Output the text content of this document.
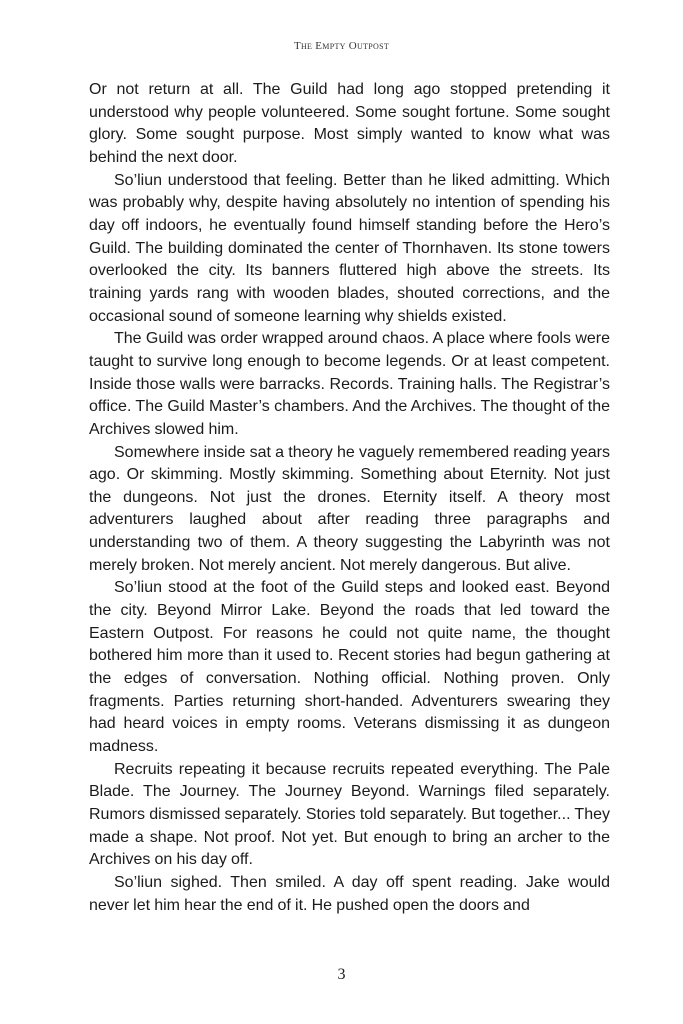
The Empty Outpost

Or not return at all. The Guild had long ago stopped pretending it understood why people volunteered. Some sought fortune. Some sought glory. Some sought purpose. Most simply wanted to know what was behind the next door.

So’liun understood that feeling. Better than he liked admitting. Which was probably why, despite having absolutely no intention of spending his day off indoors, he eventually found himself standing before the Hero’s Guild. The building dominated the center of Thornhaven. Its stone towers overlooked the city. Its banners fluttered high above the streets. Its training yards rang with wooden blades, shouted corrections, and the occasional sound of someone learning why shields existed.

The Guild was order wrapped around chaos. A place where fools were taught to survive long enough to become legends. Or at least competent. Inside those walls were barracks. Records. Training halls. The Registrar’s office. The Guild Master’s chambers. And the Archives. The thought of the Archives slowed him.

Somewhere inside sat a theory he vaguely remembered reading years ago. Or skimming. Mostly skimming. Something about Eternity. Not just the dungeons. Not just the drones. Eternity itself. A theory most adventurers laughed about after reading three paragraphs and understanding two of them. A theory suggesting the Labyrinth was not merely broken. Not merely ancient. Not merely dangerous. But alive.

So’liun stood at the foot of the Guild steps and looked east. Beyond the city. Beyond Mirror Lake. Beyond the roads that led toward the Eastern Outpost. For reasons he could not quite name, the thought bothered him more than it used to. Recent stories had begun gathering at the edges of conversation. Nothing official. Nothing proven. Only fragments. Parties returning short-handed. Adventurers swearing they had heard voices in empty rooms. Veterans dismissing it as dungeon madness.

Recruits repeating it because recruits repeated everything. The Pale Blade. The Journey. The Journey Beyond. Warnings filed separately. Rumors dismissed separately. Stories told separately. But together... They made a shape. Not proof. Not yet. But enough to bring an archer to the Archives on his day off.

So’liun sighed. Then smiled. A day off spent reading. Jake would never let him hear the end of it. He pushed open the doors and

3
